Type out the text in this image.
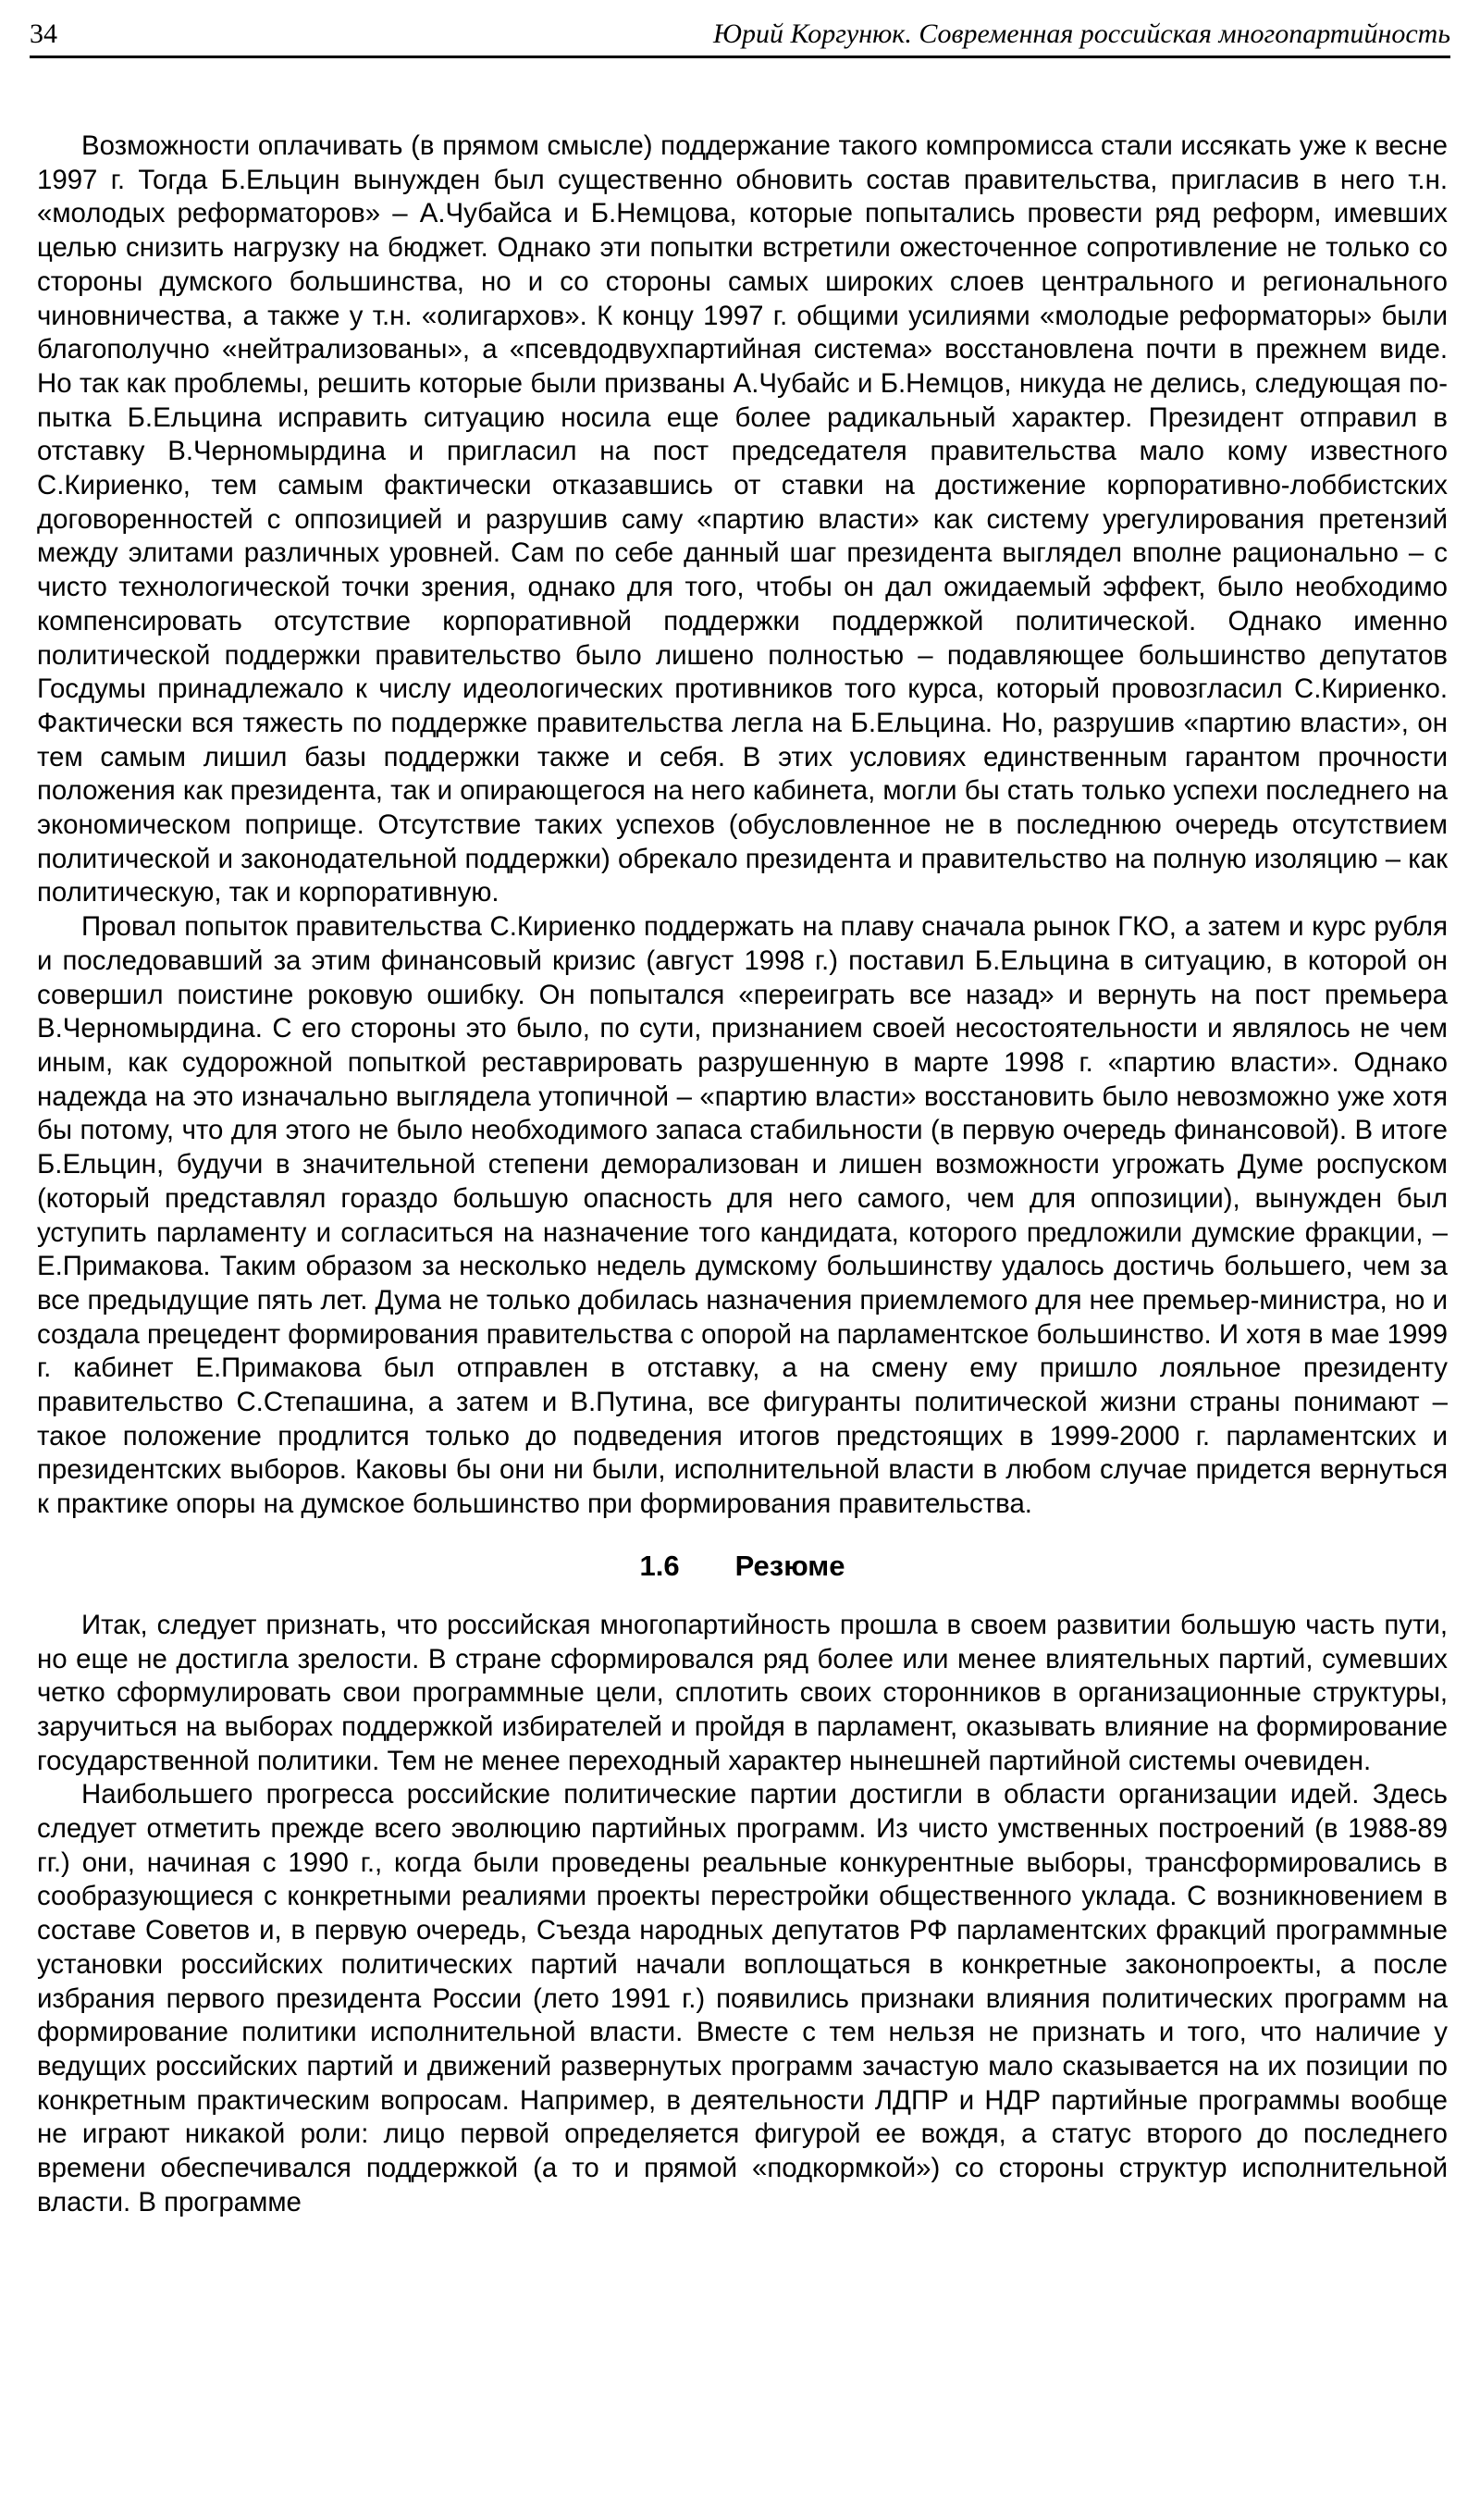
34	Юрий Коргунюк. Современная российская многопартийность

Возможности оплачивать (в прямом смысле) поддержание такого компромисса стали иссякать уже к весне 1997 г. Тогда Б.Ельцин вынужден был существенно обновить состав правительства, пригласив в него т.н. «молодых реформаторов» – А.Чубайса и Б.Немцова, которые попытались провести ряд реформ, имевших целью снизить нагрузку на бюджет. Однако эти попытки встретили ожесточенное сопротивление не только со стороны думского большинства, но и со стороны самых широких слоев центрального и регионального чиновничества, а также у т.н. «олигархов». К концу 1997 г. общими усилиями «молодые реформаторы» были благополучно «нейтрализованы», а «псевдодвухпартийная система» восстановлена почти в прежнем виде. Но так как проблемы, решить которые были призваны А.Чубайс и Б.Немцов, никуда не делись, следующая попытка Б.Ельцина исправить ситуацию носила еще более радикальный характер. Президент отправил в отставку В.Черномырдина и пригласил на пост председателя правительства мало кому известного С.Кириенко, тем самым фактически отказавшись от ставки на достижение корпоративно-лоббистских договоренностей с оппозицией и разрушив саму «партию власти» как систему урегулирования претензий между элитами различных уровней. Сам по себе данный шаг президента выглядел вполне рационально – с чисто технологической точки зрения, однако для того, чтобы он дал ожидаемый эффект, было необходимо компенсировать отсутствие корпоративной поддержки поддержкой политической. Однако именно политической поддержки правительство было лишено полностью – подавляющее большинство депутатов Госдумы принадлежало к числу идеологических противников того курса, который провозгласил С.Кириенко. Фактически вся тяжесть по поддержке правительства легла на Б.Ельцина. Но, разрушив «партию власти», он тем самым лишил базы поддержки также и себя. В этих условиях единственным гарантом прочности положения как президента, так и опирающегося на него кабинета, могли бы стать только успехи последнего на экономическом поприще. Отсутствие таких успехов (обусловленное не в последнюю очередь отсутствием политической и законодательной поддержки) обрекало президента и правительство на полную изоляцию – как политическую, так и корпоративную.

Провал попыток правительства С.Кириенко поддержать на плаву сначала рынок ГКО, а затем и курс рубля и последовавший за этим финансовый кризис (август 1998 г.) поставил Б.Ельцина в ситуацию, в которой он совершил поистине роковую ошибку. Он попытался «переиграть все назад» и вернуть на пост премьера В.Черномырдина. С его стороны это было, по сути, признанием своей несостоятельности и являлось не чем иным, как судорожной попыткой реставрировать разрушенную в марте 1998 г. «партию власти». Однако надежда на это изначально выглядела утопичной – «партию власти» восстановить было невозможно уже хотя бы потому, что для этого не было необходимого запаса стабильности (в первую очередь финансовой). В итоге Б.Ельцин, будучи в значительной степени деморализован и лишен возможности угрожать Думе роспуском (который представлял гораздо большую опасность для него самого, чем для оппозиции), вынужден был уступить парламенту и согласиться на назначение того кандидата, которого предложили думские фракции, – Е.Примакова. Таким образом за несколько недель думскому большинству удалось достичь большего, чем за все предыдущие пять лет. Дума не только добилась назначения приемлемого для нее премьер-министра, но и создала прецедент формирования правительства с опорой на парламентское большинство. И хотя в мае 1999 г. кабинет Е.Примакова был отправлен в отставку, а на смену ему пришло лояльное президенту правительство С.Степашина, а затем и В.Путина, все фигуранты политической жизни страны понимают – такое положение продлится только до подведения итогов предстоящих в 1999-2000 г. парламентских и президентских выборов. Каковы бы они ни были, исполнительной власти в любом случае придется вернуться к практике опоры на думское большинство при формирования правительства.

1.6 Резюме

Итак, следует признать, что российская многопартийность прошла в своем развитии большую часть пути, но еще не достигла зрелости. В стране сформировался ряд более или менее влиятельных партий, сумевших четко сформулировать свои программные цели, сплотить своих сторонников в организационные структуры, заручиться на выборах поддержкой избирателей и пройдя в парламент, оказывать влияние на формирование государственной политики. Тем не менее переходный характер нынешней партийной системы очевиден.

Наибольшего прогресса российские политические партии достигли в области организации идей. Здесь следует отметить прежде всего эволюцию партийных программ. Из чисто умственных построений (в 1988-89 гг.) они, начиная с 1990 г., когда были проведены реальные конкурентные выборы, трансформировались в сообразующиеся с конкретными реалиями проекты перестройки общественного уклада. С возникновением в составе Советов и, в первую очередь, Съезда народных депутатов РФ парламентских фракций программные установки российских политических партий начали воплощаться в конкретные законопроекты, а после избрания первого президента России (лето 1991 г.) появились признаки влияния политических программ на формирование политики исполнительной власти. Вместе с тем нельзя не признать и того, что наличие у ведущих российских партий и движений развернутых программ зачастую мало сказывается на их позиции по конкретным практическим вопросам. Например, в деятельности ЛДПР и НДР партийные программы вообще не играют никакой роли: лицо первой определяется фигурой ее вождя, а статус второго до последнего времени обеспечивался поддержкой (а то и прямой «подкормкой») со стороны структур исполнительной власти. В программе
